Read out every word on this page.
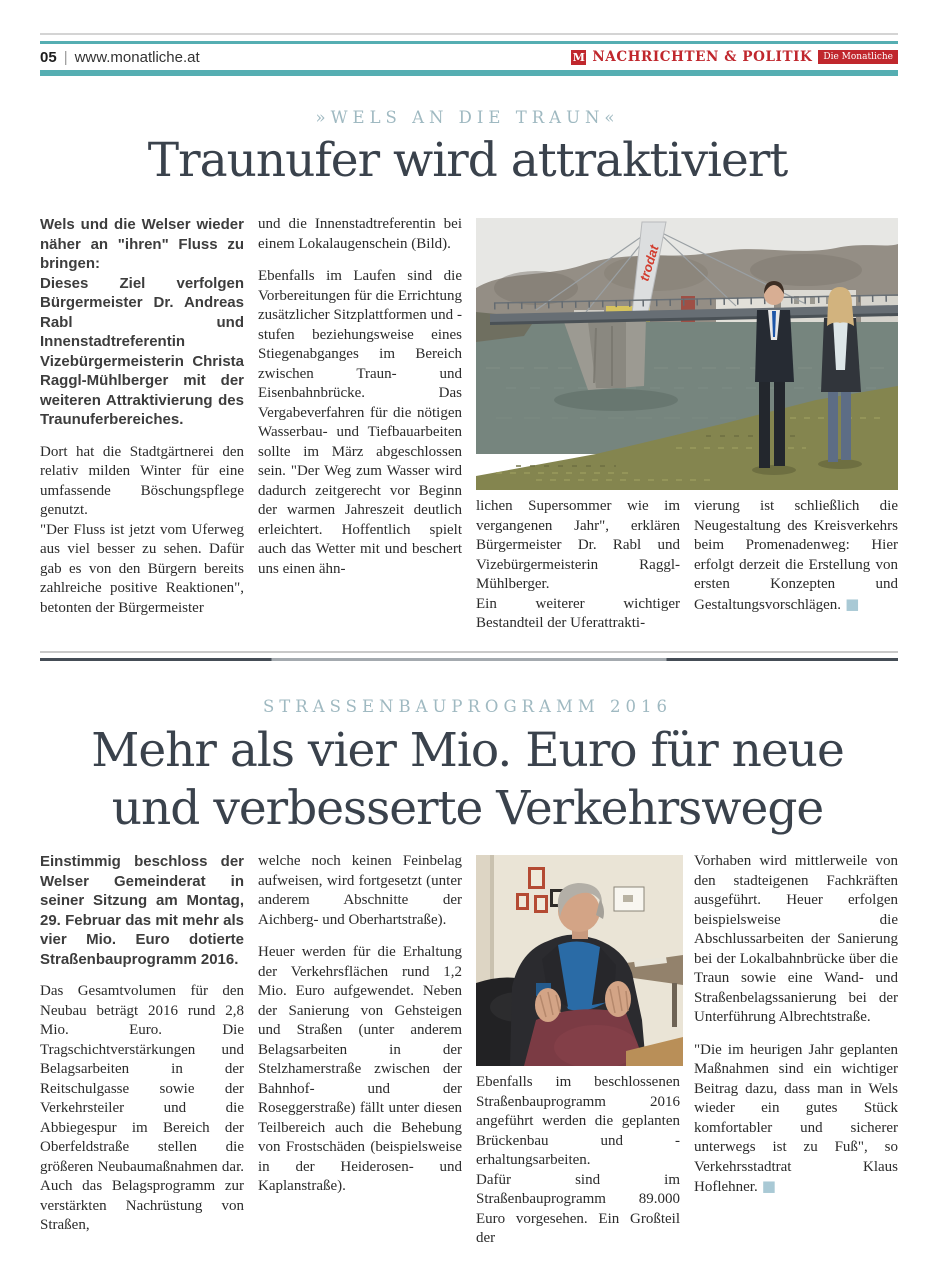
05 | www.monatliche.at	M NACHRICHTEN & POLITIK	Die Monatliche
»WELS AN DIE TRAUN«
Traunufer wird attraktiviert

Wels und die Welser wieder näher an "ihren" Fluss zu bringen:

Dieses Ziel verfolgen Bürgermeister Dr. Andreas Rabl und Innenstadtreferentin Vizebürgermeisterin Christa Raggl-Mühlberger mit der weiteren Attraktivierung des Traunuferbereiches.

Dort hat die Stadtgärtnerei den relativ milden Winter für eine umfassende Böschungspflege genutzt.

"Der Fluss ist jetzt vom Uferweg aus viel besser zu sehen. Dafür gab es von den Bürgern bereits zahlreiche positive Reaktionen", betonten der Bürgermeister

und die Innenstadtreferentin bei einem Lokalaugenschein (Bild).

Ebenfalls im Laufen sind die Vorbereitungen für die Errichtung zusätzlicher Sitzplattformen und -stufen beziehungsweise eines Stiegenabganges im Bereich zwischen Traun- und Eisenbahnbrücke. Das Vergabeverfahren für die nötigen Wasserbau- und Tiefbauarbeiten sollte im März abgeschlossen sein. "Der Weg zum Wasser wird dadurch zeitgerecht vor Beginn der warmen Jahreszeit deutlich erleichtert. Hoffentlich spielt auch das Wetter mit und beschert uns einen ähn-

trodat

lichen Supersommer wie im vergangenen Jahr", erklären Bürgermeister Dr. Rabl und Vizebürgermeisterin Raggl-Mühlberger.

Ein weiterer wichtiger Bestandteil der Uferattrakti-

vierung ist schließlich die Neugestaltung des Kreisverkehrs beim Promenadenweg: Hier erfolgt derzeit die Erstellung von ersten Konzepten und Gestaltungsvorschlägen. ■

STRASSENBAUPROGRAMM 2016
Mehr als vier Mio. Euro für neue
und verbesserte Verkehrswege

Einstimmig beschloss der Welser Gemeinderat in seiner Sitzung am Montag, 29. Februar das mit mehr als vier Mio. Euro dotierte Straßenbauprogramm 2016.

Das Gesamtvolumen für den Neubau beträgt 2016 rund 2,8 Mio. Euro. Die Tragschichtverstärkungen und Belagsarbeiten in der Reitschulgasse sowie der Verkehrsteiler und die Abbiegespur im Bereich der Oberfeldstraße stellen die größeren Neubaumaßnahmen dar. Auch das Belagsprogramm zur verstärkten Nachrüstung von Straßen,

welche noch keinen Feinbelag aufweisen, wird fortgesetzt (unter anderem Abschnitte der Aichberg- und Oberhartstraße).

Heuer werden für die Erhaltung der Verkehrsflächen rund 1,2 Mio. Euro aufgewendet. Neben der Sanierung von Gehsteigen und Straßen (unter anderem Belagsarbeiten in der Stelzhamerstraße zwischen der Bahnhof- und der Roseggerstraße) fällt unter diesen Teilbereich auch die Behebung von Frostschäden (beispielsweise in der Heiderosen- und Kaplanstraße).

Ebenfalls im beschlossenen Straßenbauprogramm 2016 angeführt werden die geplanten Brückenbau und -erhaltungsarbeiten.

Dafür sind im Straßenbauprogramm 89.000 Euro vorgesehen. Ein Großteil der

Vorhaben wird mittlerweile von den stadteigenen Fachkräften ausgeführt. Heuer erfolgen beispielsweise die Abschlussarbeiten der Sanierung bei der Lokalbahnbrücke über die Traun sowie eine Wand- und Straßenbelagssanierung bei der Unterführung Albrechtstraße.

"Die im heurigen Jahr geplanten Maßnahmen sind ein wichtiger Beitrag dazu, dass man in Wels wieder ein gutes Stück komfortabler und sicherer unterwegs ist zu Fuß", so Verkehrsstadtrat Klaus Hoflehner. ■
